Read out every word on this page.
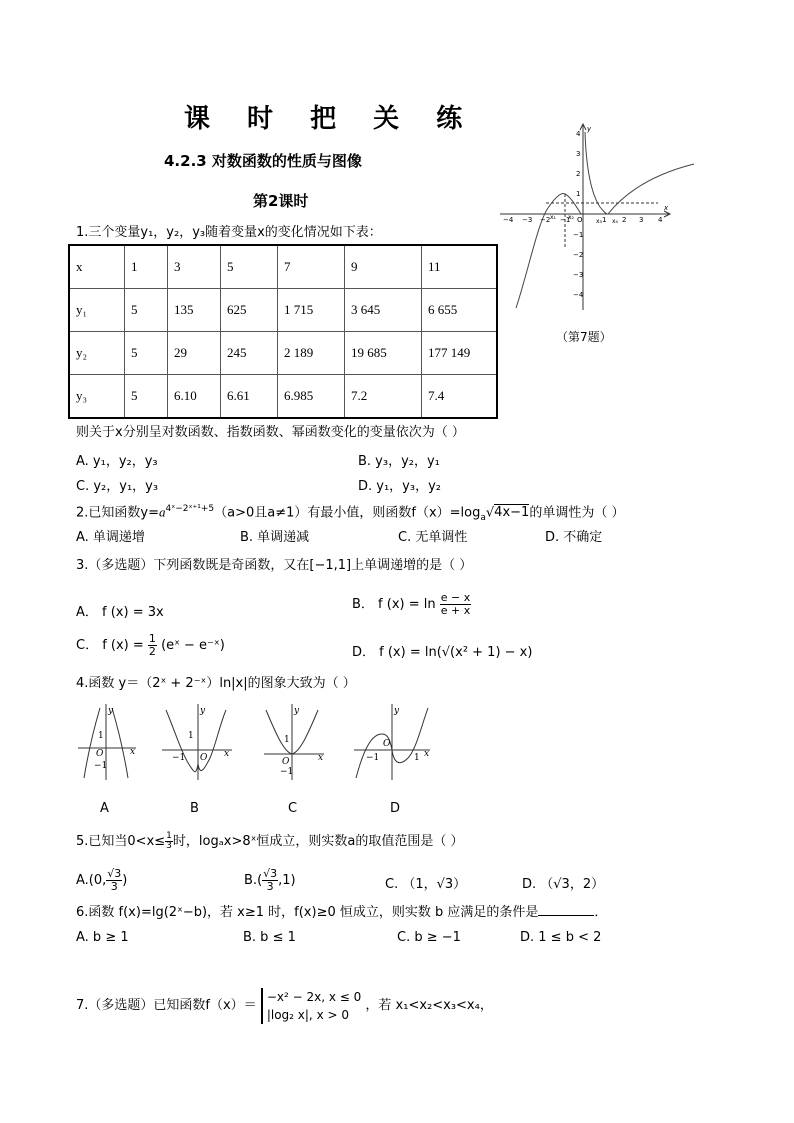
课 时 把 关 练
4.2.3 对数函数的性质与图像
第2课时
−4 −3 −2 −1 O	1 2 3 4
4
3
2
1
−1
−2
−3
−4
x₁ x₂
x₃ x₄
x
y
（第7题）
1.三个变量y₁，y₂，y₃随着变量x的变化情况如下表：
x	1	3	5	7	9	11
y₁	5	135	625	1 715	3 645	6 655
y₂	5	29	245	2 189	19 685	177 149
y₃	5	6.10	6.61	6.985	7.2	7.4
则关于x分别呈对数函数、指数函数、幂函数变化的变量依次为（ ）
A. y₁，y₂，y₃	B. y₃，y₂，y₁
C. y₂，y₁，y₃	D. y₁，y₃，y₂
2.已知函数$y=a^{4ˣ-2ˣ^{+1}+5}(a>0$且a≠1）有最小值，则函数$f(x)=\log_a√4x-1$的单调性为（ ）
A. 单调递增	B. 单调递减	C. 无单调性	D. 不确定
3.（多选题）下列函数既是奇函数，又在[−1,1]上单调递增的是（ ）
A． f (x) = 3x
B． f $(x) = \ln \frac{e - x}{e + x}$
C． f $(x) = \frac{1}{2}$ (eˣ − e⁻ˣ)	D． f (x) = ln(√(x² + 1) − x)
4.函数 y＝（2ˣ + 2⁻ˣ）ln|x|的图象大致为（ ）
y
x
O
1
−1
y
x
O
1
−1
y
x
O
1
−1
y
x
O
−1	1
A	B	C	D
5.已知当$0<x\le \frac{1}{3}$ 时，logₐx>8ˣ恒成立，则实数a的取值范围是（ ）
A.(0, $\frac{√3}{3}$ )	$B.( \frac{√3}{3} ,1)$	C. （1，√3）	D. （√3，2）
6.函数 f(x)=lg(2ˣ−b)，若 x≥1 时，f(x)≥0 恒成立，则实数 b 应满足的条件是	．
A. b ≥ 1	B. b ≤ 1	C. b ≥ −1	D. 1 ≤ b < 2
7.（多选题）已知函数f（x）＝
−x² − 2x, x ≤ 0
|log₂ x|, x > 0
，若 x₁<x₂<x₃<x₄，
